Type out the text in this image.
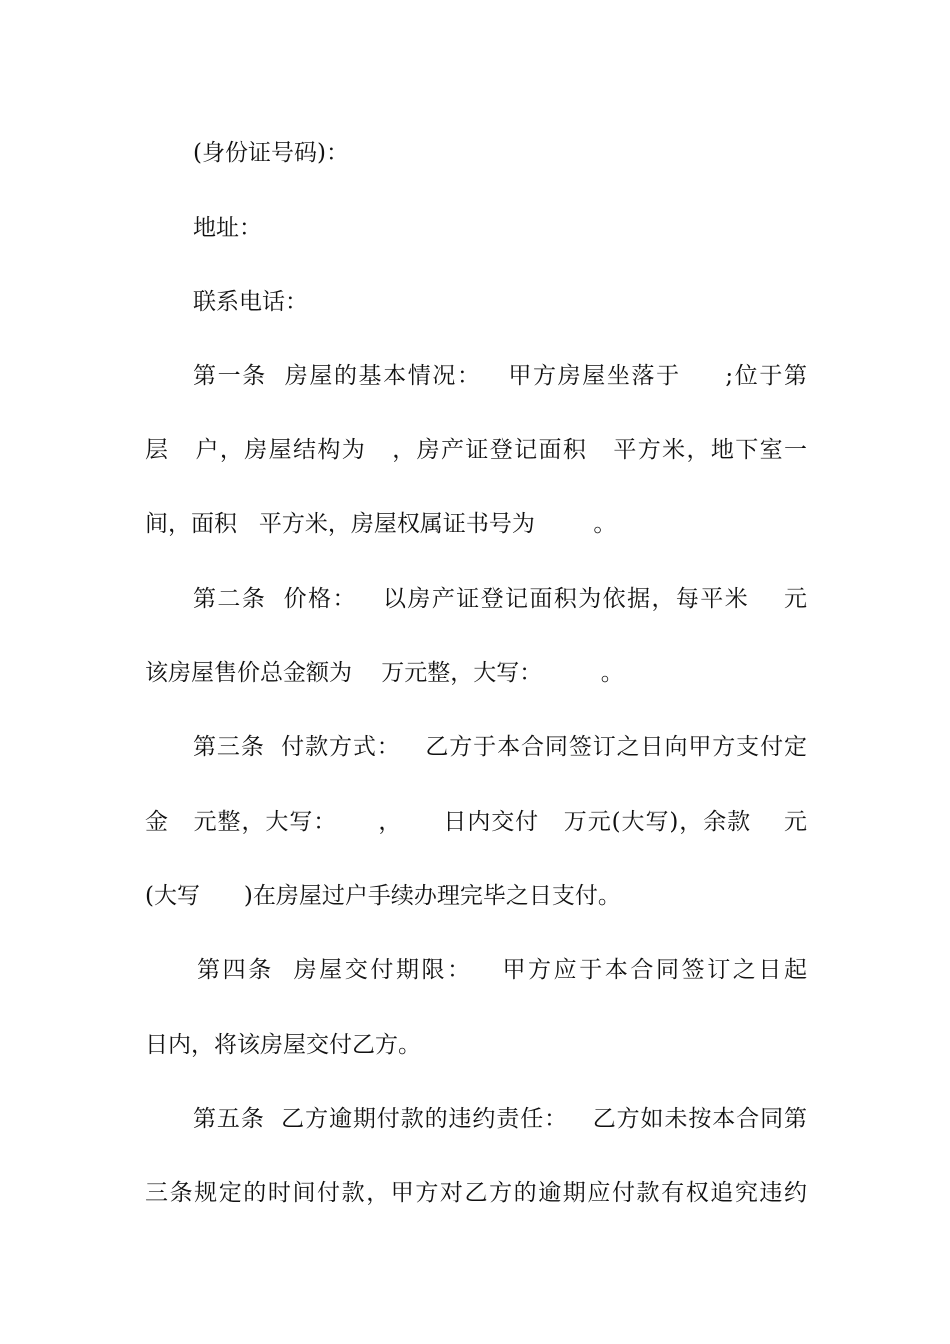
(身份证号码)：
地址：
联系电话：
第一条  房屋的基本情况：   甲方房屋坐落于     ;位于第
层   户，房屋结构为   ，房产证登记面积   平方米，地下室一
间，面积   平方米，房屋权属证书号为        。
第二条  价格：   以房产证登记面积为依据，每平米    元
该房屋售价总金额为    万元整，大写：        。
第三条  付款方式：   乙方于本合同签订之日向甲方支付定
金   元整，大写：     ，     日内交付   万元(大写)，余款    元
(大写      )在房屋过户手续办理完毕之日支付。
第四条  房屋交付期限：   甲方应于本合同签订之日起
日内，将该房屋交付乙方。
第五条  乙方逾期付款的违约责任：   乙方如未按本合同第
三条规定的时间付款，甲方对乙方的逾期应付款有权追究违约
